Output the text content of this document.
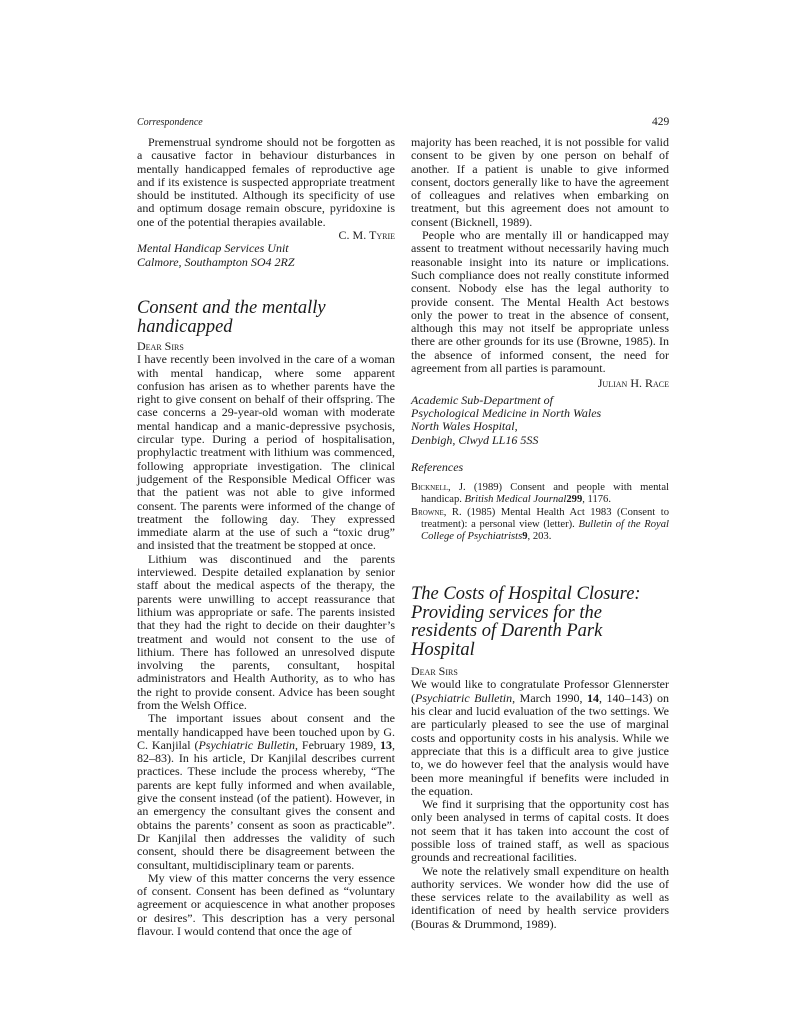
Correspondence	429

Premenstrual syndrome should not be forgotten as a causative factor in behaviour disturbances in mentally handicapped females of reproductive age and if its existence is suspected appropriate treatment should be instituted. Although its specificity of use and optimum dosage remain obscure, pyridoxine is one of the potential therapies available.

C. M. Tyrie
Mental Handicap Services Unit
Calmore, Southampton SO4 2RZ
Consent and the mentally handicapped
Dear Sirs

I have recently been involved in the care of a woman with mental handicap, where some apparent confusion has arisen as to whether parents have the right to give consent on behalf of their offspring. The case concerns a 29-year-old woman with moderate mental handicap and a manic-depressive psychosis, circular type. During a period of hospitalisation, prophylactic treatment with lithium was commenced, following appropriate investigation. The clinical judgement of the Responsible Medical Officer was that the patient was not able to give informed consent. The parents were informed of the change of treatment the following day. They expressed immediate alarm at the use of such a “toxic drug” and insisted that the treatment be stopped at once.

Lithium was discontinued and the parents interviewed. Despite detailed explanation by senior staff about the medical aspects of the therapy, the parents were unwilling to accept reassurance that lithium was appropriate or safe. The parents insisted that they had the right to decide on their daughter’s treatment and would not consent to the use of lithium. There has followed an unresolved dispute involving the parents, consultant, hospital administrators and Health Authority, as to who has the right to provide consent. Advice has been sought from the Welsh Office.

The important issues about consent and the mentally handicapped have been touched upon by G. C. Kanjilal (Psychiatric Bulletin, February 1989, 13, 82–83). In his article, Dr Kanjilal describes current practices. These include the process whereby, “The parents are kept fully informed and when available, give the consent instead (of the patient). However, in an emergency the consultant gives the consent and obtains the parents’ consent as soon as practicable”. Dr Kanjilal then addresses the validity of such consent, should there be disagreement between the consultant, multidisciplinary team or parents.

My view of this matter concerns the very essence of consent. Consent has been defined as “voluntary agreement or acquiescence in what another proposes or desires”. This description has a very personal flavour. I would contend that once the age of

majority has been reached, it is not possible for valid consent to be given by one person on behalf of another. If a patient is unable to give informed consent, doctors generally like to have the agreement of colleagues and relatives when embarking on treatment, but this agreement does not amount to consent (Bicknell, 1989).

People who are mentally ill or handicapped may assent to treatment without necessarily having much reasonable insight into its nature or implications. Such compliance does not really constitute informed consent. Nobody else has the legal authority to provide consent. The Mental Health Act bestows only the power to treat in the absence of consent, although this may not itself be appropriate unless there are other grounds for its use (Browne, 1985). In the absence of informed consent, the need for agreement from all parties is paramount.

Julian H. Race
Academic Sub-Department of
Psychological Medicine in North Wales
North Wales Hospital,
Denbigh, Clwyd LL16 5SS
References

Bicknell, J. (1989) Consent and people with mental handicap. British Medical Journal299, 1176.

Browne, R. (1985) Mental Health Act 1983 (Consent to treatment): a personal view (letter). Bulletin of the Royal College of Psychiatrists9, 203.

The Costs of Hospital Closure: Providing services for the residents of Darenth Park Hospital
Dear Sirs

We would like to congratulate Professor Glennerster (Psychiatric Bulletin, March 1990, 14, 140–143) on his clear and lucid evaluation of the two settings. We are particularly pleased to see the use of marginal costs and opportunity costs in his analysis. While we appreciate that this is a difficult area to give justice to, we do however feel that the analysis would have been more meaningful if benefits were included in the equation.

We find it surprising that the opportunity cost has only been analysed in terms of capital costs. It does not seem that it has taken into account the cost of possible loss of trained staff, as well as spacious grounds and recreational facilities.

We note the relatively small expenditure on health authority services. We wonder how did the use of these services relate to the availability as well as identification of need by health service providers (Bouras & Drummond, 1989).
